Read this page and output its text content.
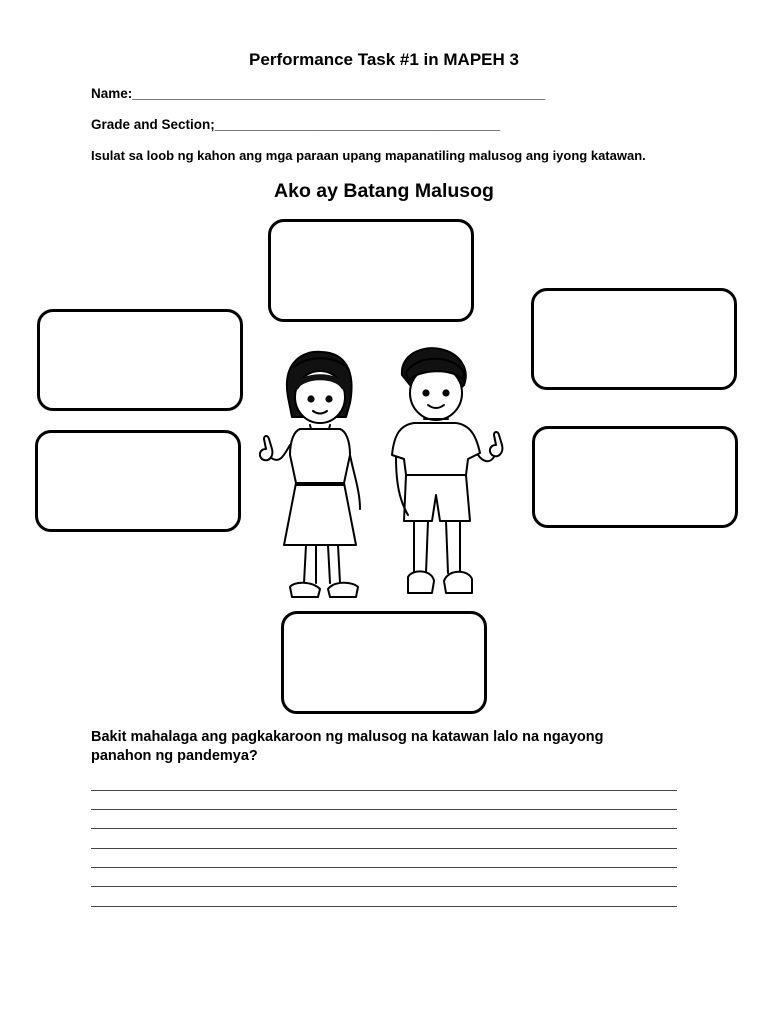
Performance Task #1 in MAPEH 3
Name:_______________________________________________________
Grade and Section;______________________________________
Isulat sa loob ng kahon ang mga paraan upang mapanatiling malusog ang iyong katawan.
Ako ay Batang Malusog
Bakit mahalaga ang pagkakaroon ng malusog na katawan lalo na ngayong panahon ng pandemya?
